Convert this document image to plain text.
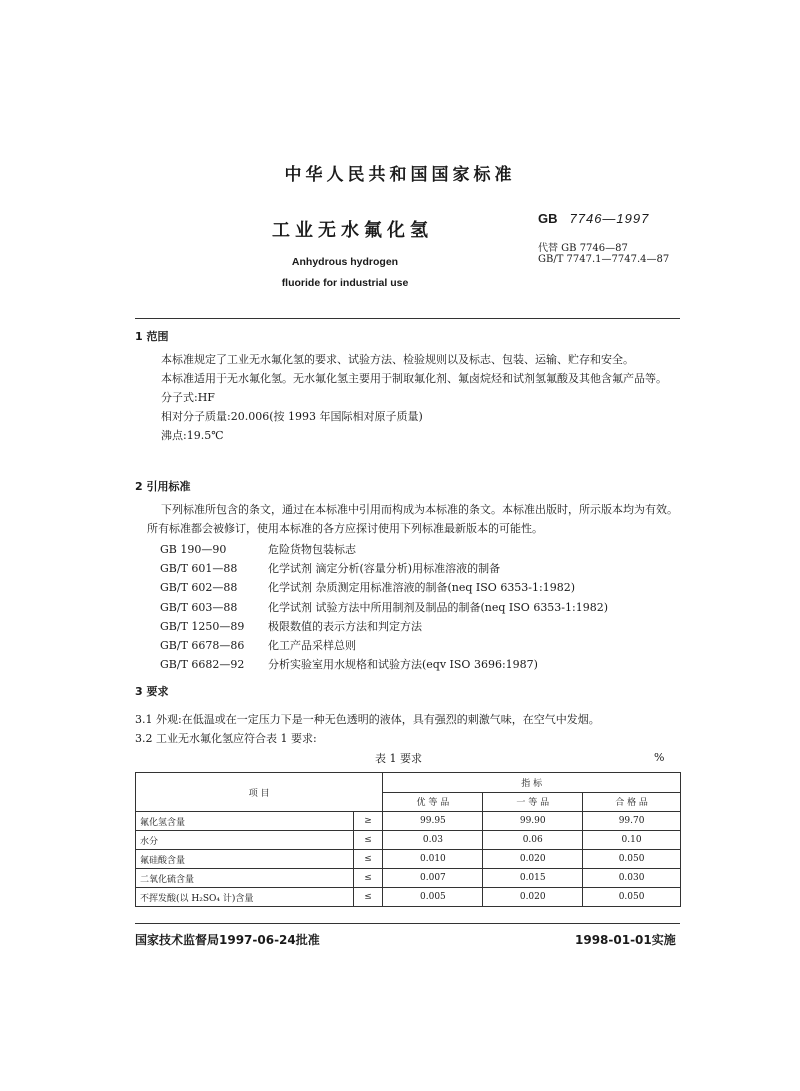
中华人民共和国国家标准
工业无水氟化氢
Anhydrous hydrogen
fluoride for industrial use
GB 7746—1997
代替 GB 7746—87
GB/T 7747.1—7747.4—87
1 范围

本标准规定了工业无水氟化氢的要求、试验方法、检验规则以及标志、包装、运输、贮存和安全。

本标准适用于无水氟化氢。无水氟化氢主要用于制取氟化剂、氟卤烷烃和试剂氢氟酸及其他含氟产品等。

分子式:HF

相对分子质量:20.006(按 1993 年国际相对原子质量)

沸点:19.5℃

2 引用标准

下列标准所包含的条文，通过在本标准中引用而构成为本标准的条文。本标准出版时，所示版本均为有效。所有标准都会被修订，使用本标准的各方应探讨使用下列标准最新版本的可能性。

GB 190—90	危险货物包装标志
GB/T 601—88	化学试剂 滴定分析(容量分析)用标准溶液的制备
GB/T 602—88	化学试剂 杂质测定用标准溶液的制备(neq ISO 6353-1:1982)
GB/T 603—88	化学试剂 试验方法中所用制剂及制品的制备(neq ISO 6353-1:1982)
GB/T 1250—89 极限数值的表示方法和判定方法
GB/T 6678—86 化工产品采样总则
GB/T 6682—92 分析实验室用水规格和试验方法(eqv ISO 3696:1987)
3 要求
3.1 外观:在低温或在一定压力下是一种无色透明的液体，具有强烈的刺激气味，在空气中发烟。
3.2 工业无水氟化氢应符合表 1 要求:
表 1 要求	%
项 目		指 标		
		优 等 品	一 等 品	合 格 品
氟化氢含量	≥	99.95	99.90	99.70
水分	≤	0.03	0.06	0.10
氟硅酸含量	≤	0.010	0.020	0.050
二氧化硫含量	≤	0.007	0.015	0.030
不挥发酸(以 H₂SO₄ 计)含量	≤	0.005	0.020	0.050
国家技术监督局1997-06-24批准	1998-01-01实施
